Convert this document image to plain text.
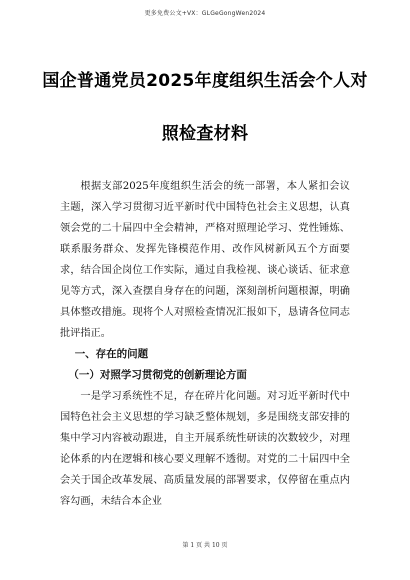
更多免费公文+VX：GLGeGongWen2024
国企普通党员2025年度组织生活会个人对
照检查材料

根据支部2025年度组织生活会的统一部署，本人紧扣会议主题，深入学习贯彻习近平新时代中国特色社会主义思想，认真领会党的二十届四中全会精神，严格对照理论学习、党性锤炼、联系服务群众、发挥先锋模范作用、改作风树新风五个方面要求，结合国企岗位工作实际，通过自我检视、谈心谈话、征求意见等方式，深入查摆自身存在的问题，深刻剖析问题根源，明确具体整改措施。现将个人对照检查情况汇报如下，恳请各位同志批评指正。

一、存在的问题

（一）对照学习贯彻党的创新理论方面

一是学习系统性不足，存在碎片化问题。对习近平新时代中国特色社会主义思想的学习缺乏整体规划，多是围绕支部安排的集中学习内容被动跟进，自主开展系统性研读的次数较少，对理论体系的内在逻辑和核心要义理解不透彻。对党的二十届四中全会关于国企改革发展、高质量发展的部署要求，仅停留在重点内容勾画，未结合本企业

第 1 页 共 10 页
